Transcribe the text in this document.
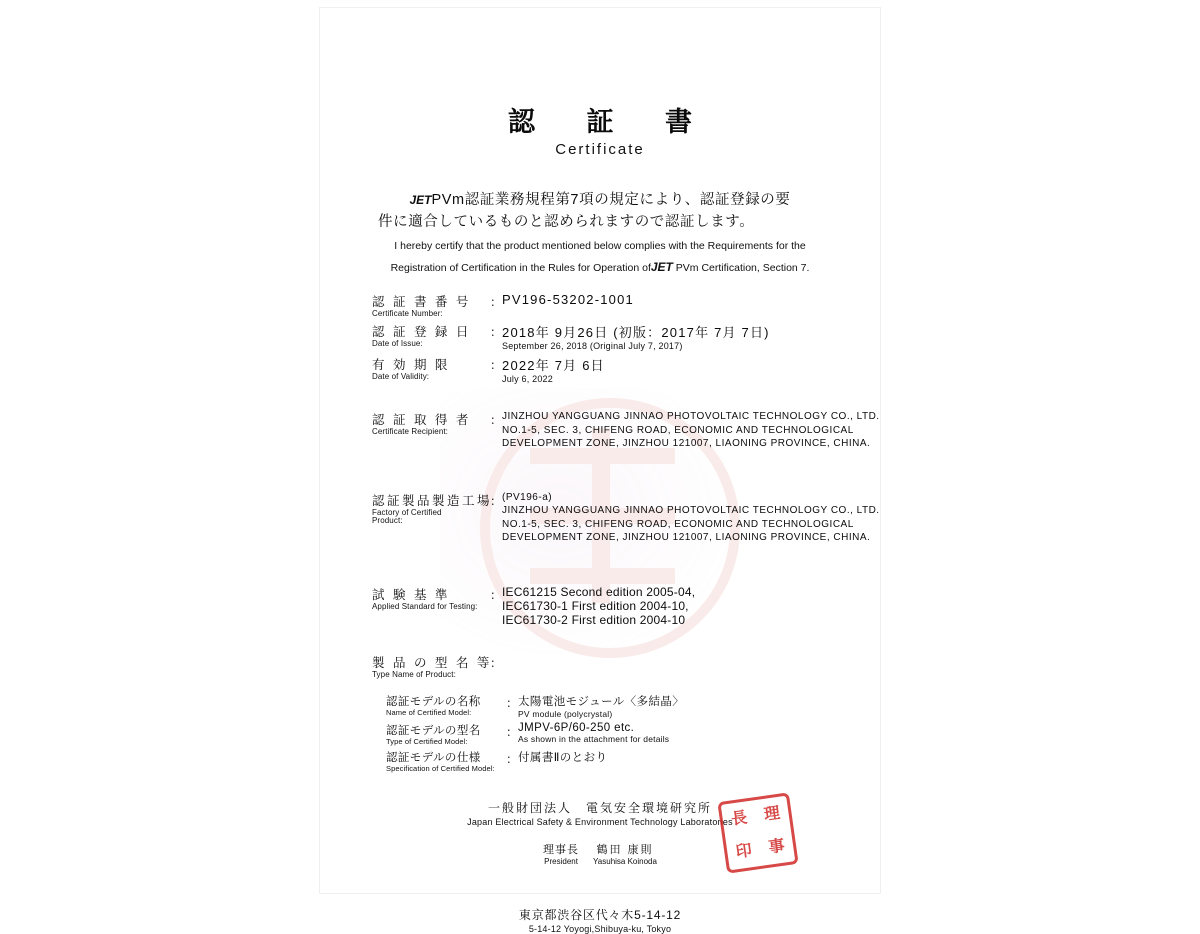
認 証 書
Certificate
JETPVm認証業務規程第7項の規定により、認証登録の要
件に適合しているものと認められますので認証します。
I hereby certify that the product mentioned below complies with the Requirements for the
Registration of Certification in the Rules for Operation ofJET PVm Certification, Section 7.
認 証 書 番 号
Certificate Number:
： PV196-53202-1001
認 証 登 録 日
Date of Issue:
： 2018年 9月26日 (初版：2017年 7月 7日)
September 26, 2018 (Original July 7, 2017)
有 効 期 限
Date of Validity:
： 2022年 7月 6日
July 6, 2022
認 証 取 得 者
Certificate Recipient:
： JINZHOU YANGGUANG JINNAO PHOTOVOLTAIC TECHNOLOGY CO., LTD.
NO.1-5, SEC. 3, CHIFENG ROAD, ECONOMIC AND TECHNOLOGICAL
DEVELOPMENT ZONE, JINZHOU 121007, LIAONING PROVINCE, CHINA.
認証製品製造工場
Factory of Certified
Product:
： (PV196-a)
JINZHOU YANGGUANG JINNAO PHOTOVOLTAIC TECHNOLOGY CO., LTD.
NO.1-5, SEC. 3, CHIFENG ROAD, ECONOMIC AND TECHNOLOGICAL
DEVELOPMENT ZONE, JINZHOU 121007, LIAONING PROVINCE, CHINA.
試 験 基 準
Applied Standard for Testing:
： IEC61215 Second edition 2005-04,
IEC61730-1 First edition 2004-10,
IEC61730-2 First edition 2004-10
製 品 の 型 名 等
Type Name of Product:
：
認証モデルの名称
Name of Certified Model:
： 太陽電池モジュール〈多結晶〉
PV module (polycrystal)
認証モデルの型名
Type of Certified Model:
： JMPV-6P/60-250 etc.
As shown in the attachment for details
認証モデルの仕様
Specification of Certified Model:
： 付属書Ⅱのとおり
一般財団法人　電気安全環境研究所
Japan Electrical Safety & Environment Technology Laboratories
理事長
President
鶴田 康則
Yasuhisa Koinoda
長 理
印 事
東京都渋谷区代々木5-14-12
5-14-12 Yoyogi,Shibuya-ku, Tokyo
